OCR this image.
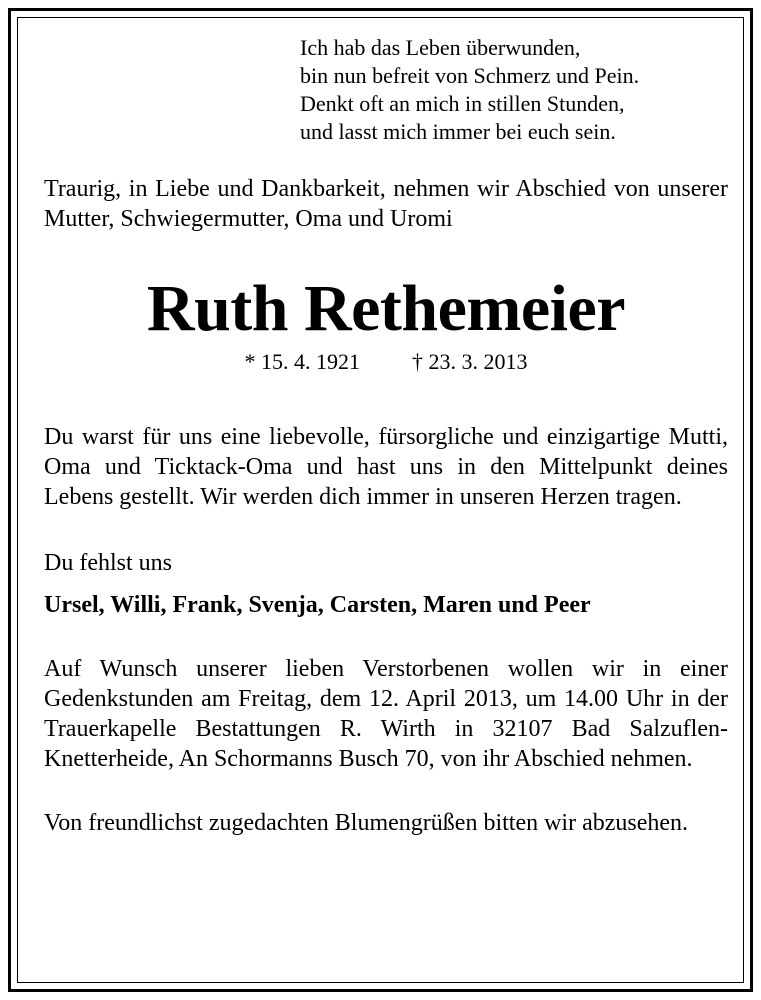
Ich hab das Leben überwunden,
bin nun befreit von Schmerz und Pein.
Denkt oft an mich in stillen Stunden,
und lasst mich immer bei euch sein.
Traurig, in Liebe und Dankbarkeit, nehmen wir Abschied von unserer Mutter, Schwiegermutter, Oma und Uromi
Ruth Rethemeier
* 15. 4. 1921 † 23. 3. 2013
Du warst für uns eine liebevolle, fürsorgliche und einzigartige Mutti, Oma und Ticktack-Oma und hast uns in den Mittelpunkt deines Lebens gestellt. Wir werden dich immer in unseren Herzen tragen.
Du fehlst uns
Ursel, Willi, Frank, Svenja, Carsten, Maren und Peer
Auf Wunsch unserer lieben Verstorbenen wollen wir in einer Gedenkstunden am Freitag, dem 12. April 2013, um 14.00 Uhr in der Trauerkapelle Bestattungen R. Wirth in 32107 Bad Salzuflen-Knetterheide, An Schormanns Busch 70, von ihr Abschied nehmen.
Von freundlichst zugedachten Blumengrüßen bitten wir abzusehen.
